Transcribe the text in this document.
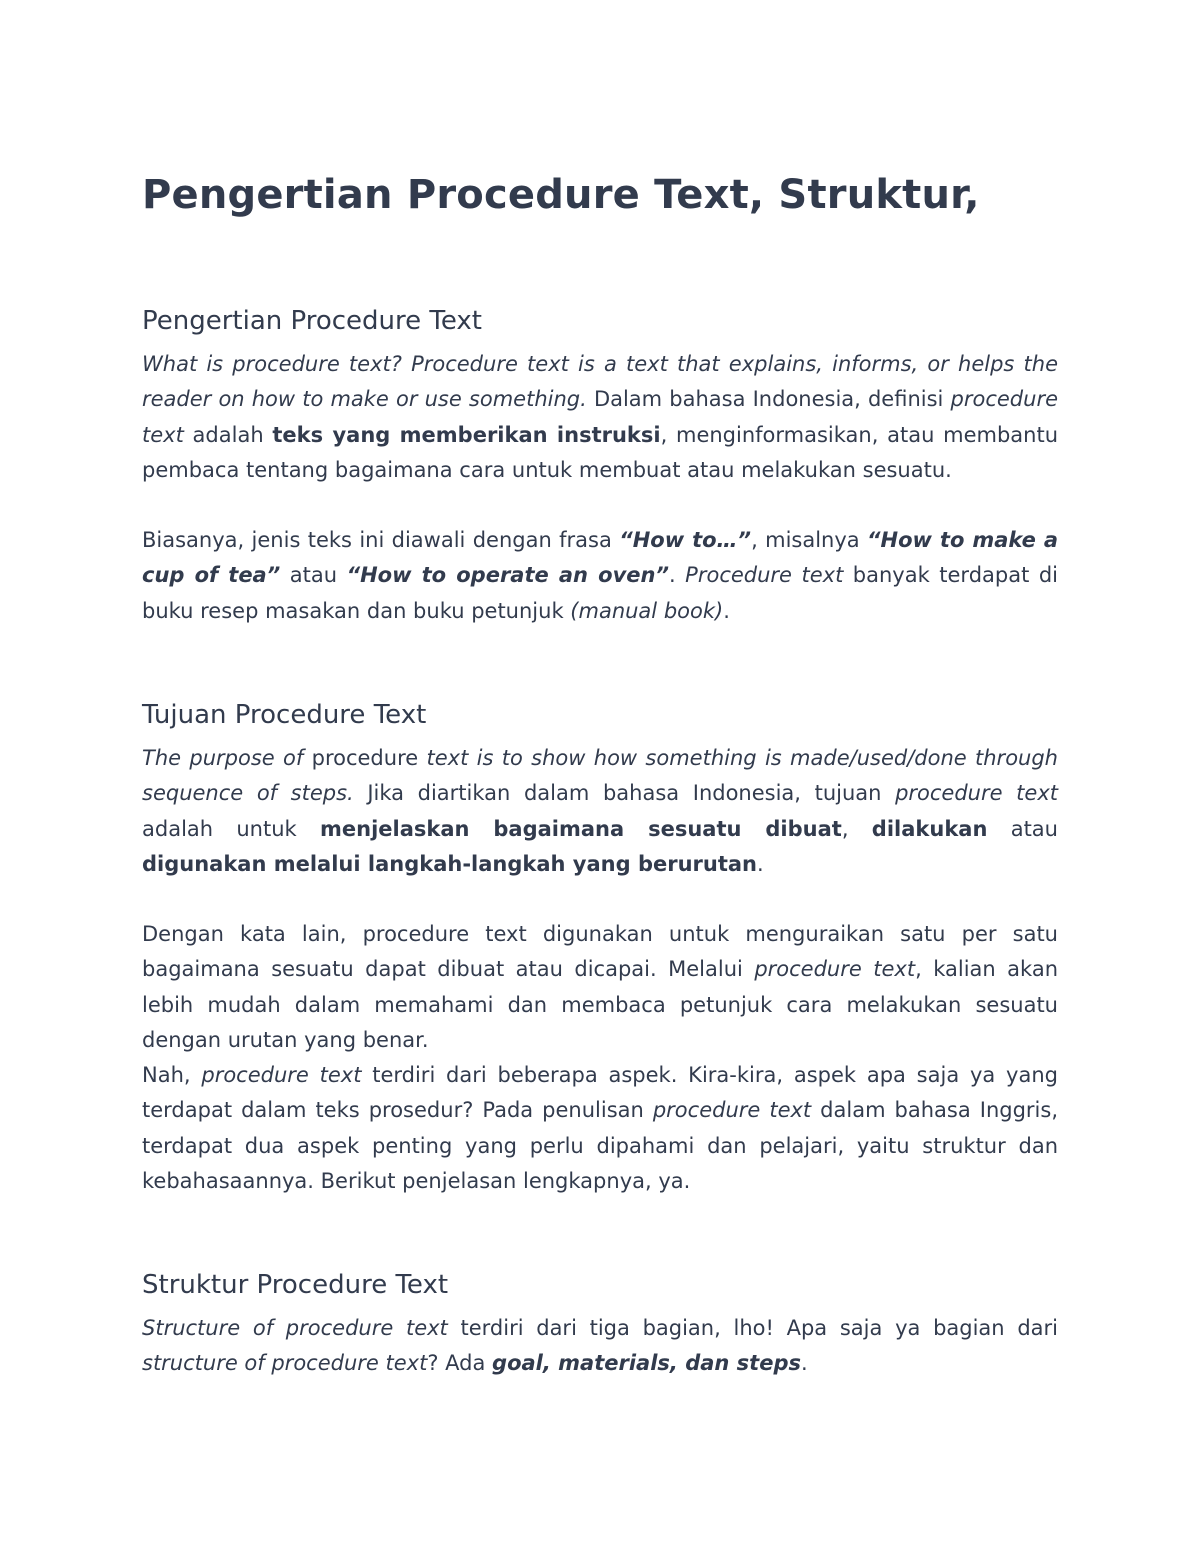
Pengertian Procedure Text, Struktur,
Pengertian Procedure Text

What is procedure text? Procedure text is a text that explains, informs, or helps the reader on how to make or use something. Dalam bahasa Indonesia, definisi procedure text adalah teks yang memberikan instruksi, menginformasikan, atau membantu pembaca tentang bagaimana cara untuk membuat atau melakukan sesuatu.

Biasanya, jenis teks ini diawali dengan frasa “How to…”, misalnya “How to make a cup of tea” atau “How to operate an oven”. Procedure text banyak terdapat di buku resep masakan dan buku petunjuk (manual book).

Tujuan Procedure Text

The purpose of procedure text is to show how something is made/used/done through sequence of steps. Jika diartikan dalam bahasa Indonesia, tujuan procedure text adalah untuk menjelaskan bagaimana sesuatu dibuat, dilakukan atau digunakan melalui langkah-langkah yang berurutan.

Dengan kata lain, procedure text digunakan untuk menguraikan satu per satu bagaimana sesuatu dapat dibuat atau dicapai. Melalui procedure text, kalian akan lebih mudah dalam memahami dan membaca petunjuk cara melakukan sesuatu dengan urutan yang benar.

Nah, procedure text terdiri dari beberapa aspek. Kira-kira, aspek apa saja ya yang terdapat dalam teks prosedur? Pada penulisan procedure text dalam bahasa Inggris, terdapat dua aspek penting yang perlu dipahami dan pelajari, yaitu struktur dan kebahasaannya. Berikut penjelasan lengkapnya, ya.

Struktur Procedure Text

Structure of procedure text terdiri dari tiga bagian, lho! Apa saja ya bagian dari structure of procedure text? Ada goal, materials, dan steps.
